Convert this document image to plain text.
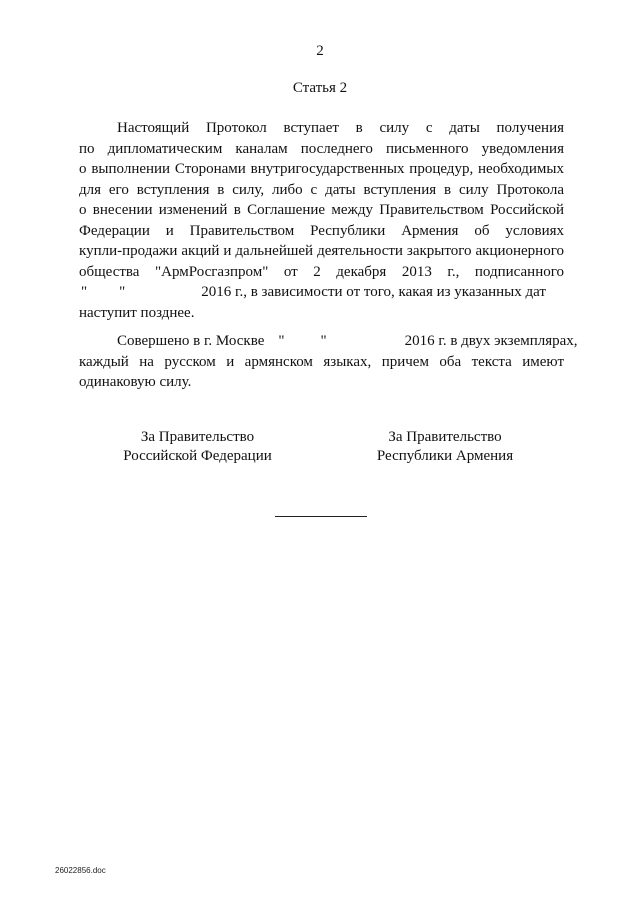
2
Статья 2
Настоящий Протокол вступает в силу с даты получения
по дипломатическим каналам последнего письменного уведомления
о выполнении Сторонами внутригосударственных процедур, необходимых
для его вступления в силу, либо с даты вступления в силу Протокола
о внесении изменений в Соглашение между Правительством Российской
Федерации и Правительством Республики Армения об условиях
купли-продажи акций и дальнейшей деятельности закрытого акционерного
общества "АрмРосгазпром" от 2 декабря 2013 г., подписанного
" "	2016 г., в зависимости от того, какая из указанных дат
наступит позднее.
Совершено в г. Москве " "	2016 г. в двух экземплярах,
каждый на русском и армянском языках, причем оба текста имеют
одинаковую силу.
За Правительство
Российской Федерации
За Правительство
Республики Армения
26022856.doc
